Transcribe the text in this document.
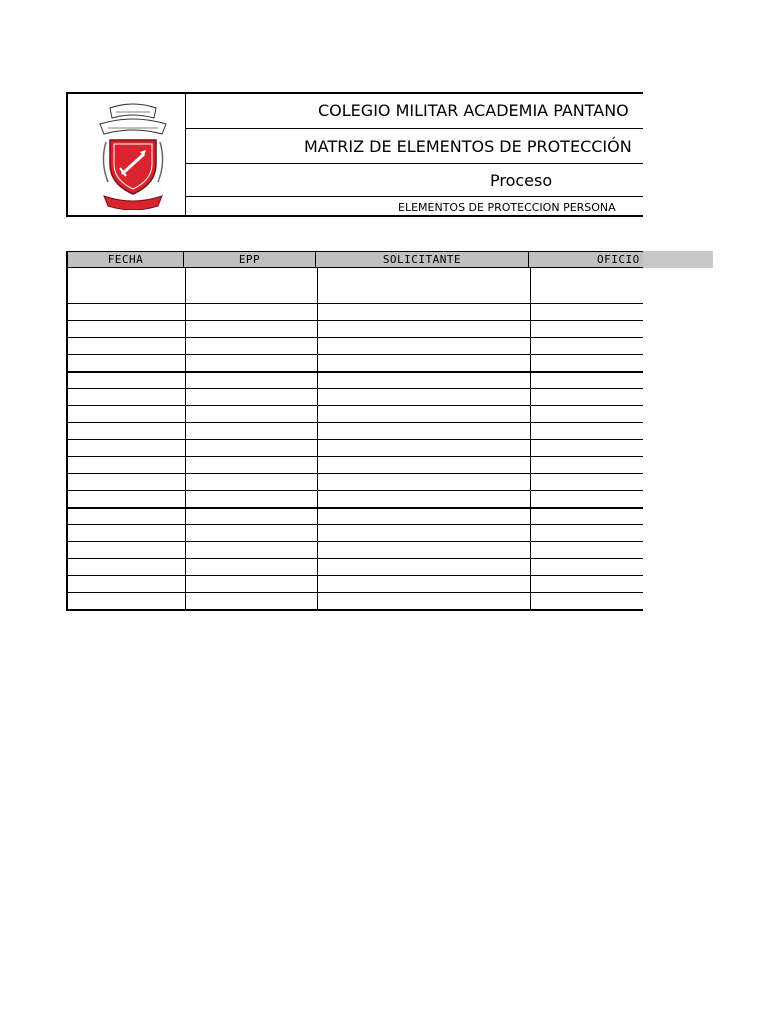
COLEGIO MILITAR ACADEMIA PANTANO
MATRIZ DE ELEMENTOS DE PROTECCIÓN
Proceso
ELEMENTOS DE PROTECCION PERSONA
FECHA	EPP	SOLICITANTE	OFICIO
